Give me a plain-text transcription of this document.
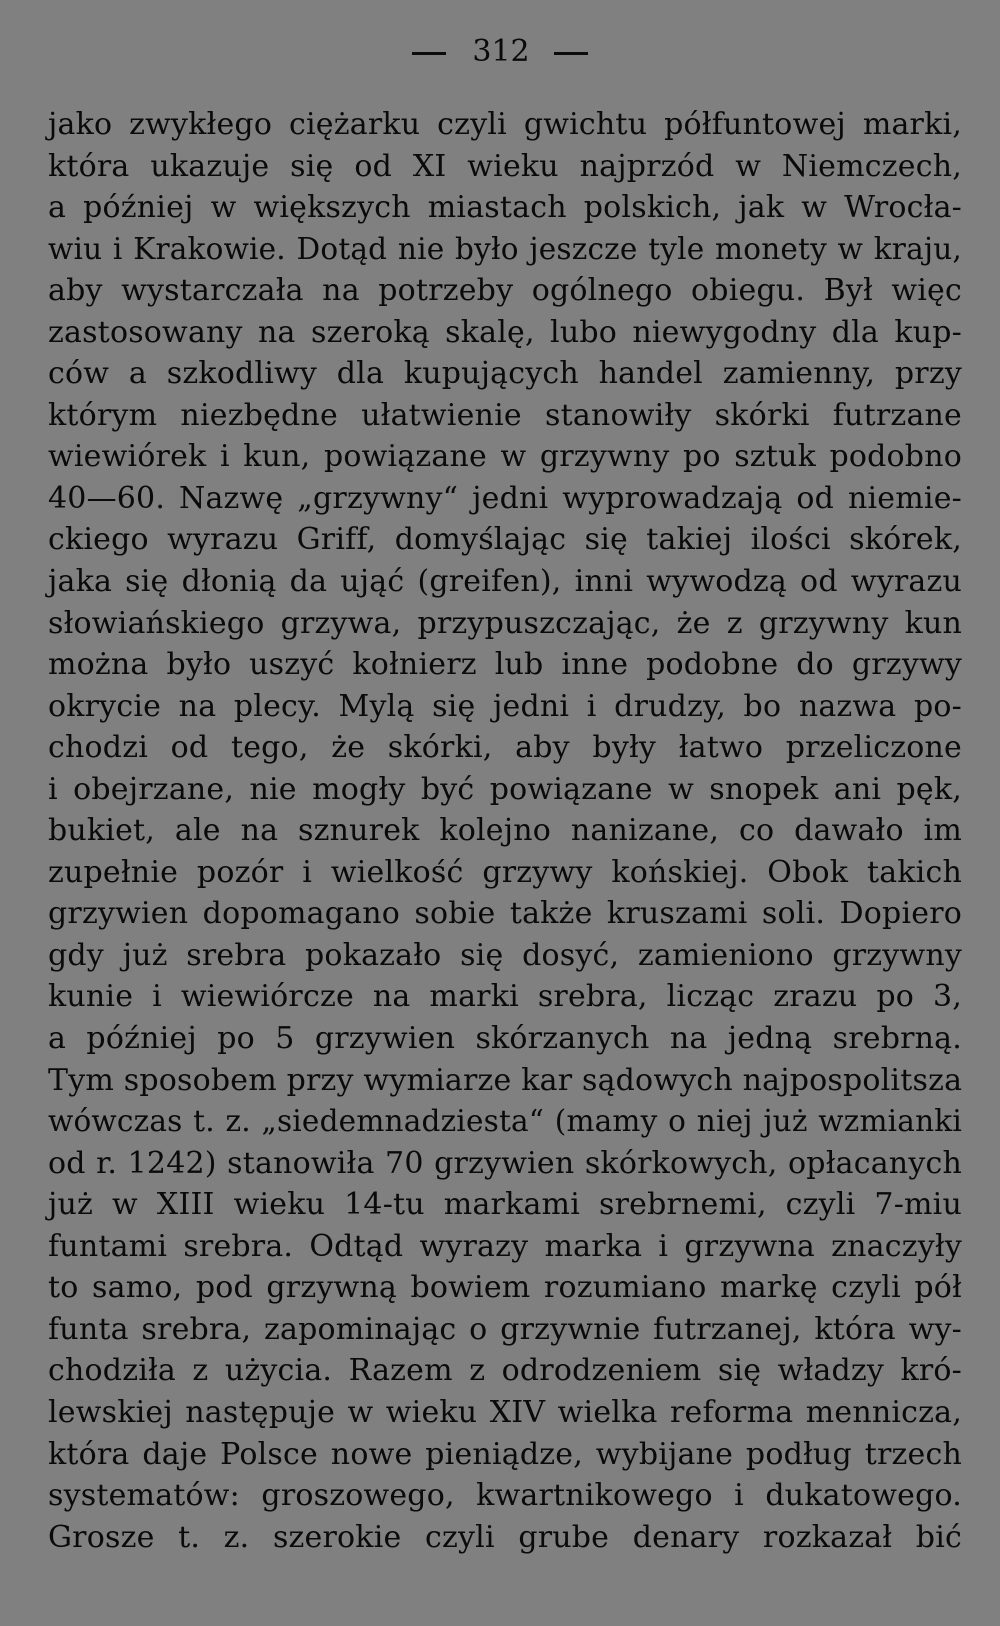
312
jako zwykłego ciężarku czyli gwichtu półfuntowej marki,
która ukazuje się od XI wieku najprzód w Niemczech,
a później w większych miastach polskich, jak w Wrocła-
wiu i Krakowie. Dotąd nie było jeszcze tyle monety w kraju,
aby wystarczała na potrzeby ogólnego obiegu. Był więc
zastosowany na szeroką skalę, lubo niewygodny dla kup-
ców a szkodliwy dla kupujących handel zamienny, przy
którym niezbędne ułatwienie stanowiły skórki futrzane
wiewiórek i kun, powiązane w grzywny po sztuk podobno
40—60. Nazwę „grzywny“ jedni wyprowadzają od niemie-
ckiego wyrazu Griff, domyślając się takiej ilości skórek,
jaka się dłonią da ująć (greifen), inni wywodzą od wyrazu
słowiańskiego grzywa, przypuszczając, że z grzywny kun
można było uszyć kołnierz lub inne podobne do grzywy
okrycie na plecy. Mylą się jedni i drudzy, bo nazwa po-
chodzi od tego, że skórki, aby były łatwo przeliczone
i obejrzane, nie mogły być powiązane w snopek ani pęk,
bukiet, ale na sznurek kolejno nanizane, co dawało im
zupełnie pozór i wielkość grzywy końskiej. Obok takich
grzywien dopomagano sobie także kruszami soli. Dopiero
gdy już srebra pokazało się dosyć, zamieniono grzywny
kunie i wiewiórcze na marki srebra, licząc zrazu po 3,
a później po 5 grzywien skórzanych na jedną srebrną.
Tym sposobem przy wymiarze kar sądowych najpospolitsza
wówczas t. z. „siedemnadziesta“ (mamy o niej już wzmianki
od r. 1242) stanowiła 70 grzywien skórkowych, opłacanych
już w XIII wieku 14-tu markami srebrnemi, czyli 7-miu
funtami srebra. Odtąd wyrazy marka i grzywna znaczyły
to samo, pod grzywną bowiem rozumiano markę czyli pół
funta srebra, zapominając o grzywnie futrzanej, która wy-
chodziła z użycia. Razem z odrodzeniem się władzy kró-
lewskiej następuje w wieku XIV wielka reforma mennicza,
która daje Polsce nowe pieniądze, wybijane podług trzech
systematów: groszowego, kwartnikowego i dukatowego.
Grosze t. z. szerokie czyli grube denary rozkazał bić
